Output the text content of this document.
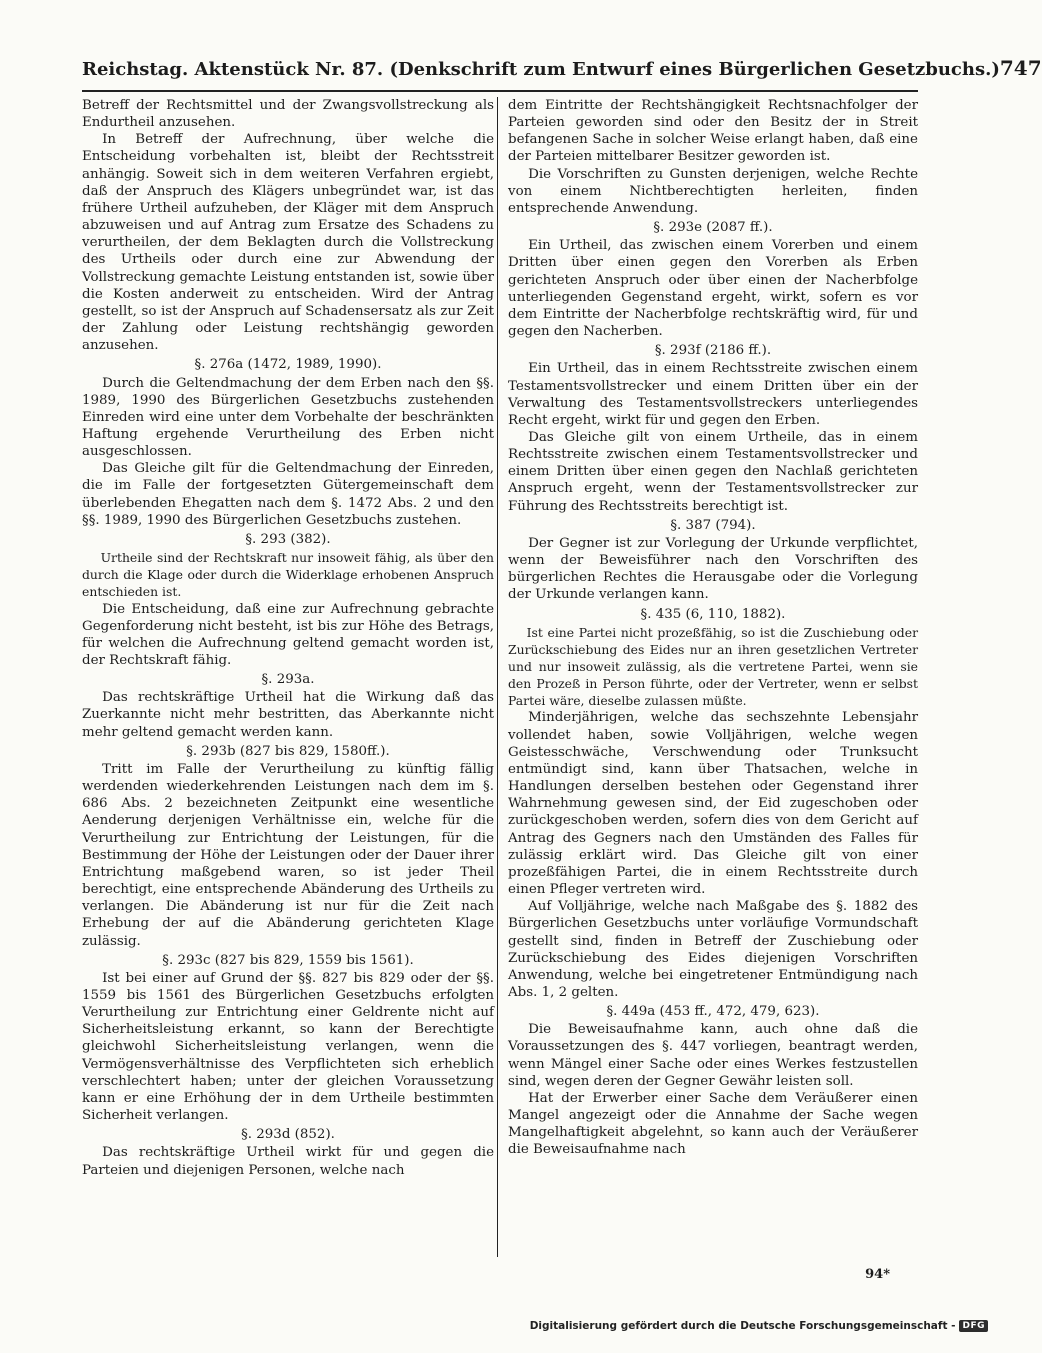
Reichstag. Aktenstück Nr. 87. (Denkschrift zum Entwurf eines Bürgerlichen Gesetzbuchs.) 747

Betreff der Rechtsmittel und der Zwangsvollstreckung als Endurtheil anzusehen.

In Betreff der Aufrechnung, über welche die Entscheidung vorbehalten ist, bleibt der Rechtsstreit anhängig. Soweit sich in dem weiteren Verfahren ergiebt, daß der Anspruch des Klägers unbegründet war, ist das frühere Urtheil aufzuheben, der Kläger mit dem Anspruch abzuweisen und auf Antrag zum Ersatze des Schadens zu verurtheilen, der dem Beklagten durch die Vollstreckung des Urtheils oder durch eine zur Abwendung der Vollstreckung gemachte Leistung entstanden ist, sowie über die Kosten anderweit zu entscheiden. Wird der Antrag gestellt, so ist der Anspruch auf Schadensersatz als zur Zeit der Zahlung oder Leistung rechtshängig geworden anzusehen.

§. 276a (1472, 1989, 1990).

Durch die Geltendmachung der dem Erben nach den §§. 1989, 1990 des Bürgerlichen Gesetzbuchs zustehenden Einreden wird eine unter dem Vorbehalte der beschränkten Haftung ergehende Verurtheilung des Erben nicht ausgeschlossen.

Das Gleiche gilt für die Geltendmachung der Einreden, die im Falle der fortgesetzten Gütergemeinschaft dem überlebenden Ehegatten nach dem §. 1472 Abs. 2 und den §§. 1989, 1990 des Bürgerlichen Gesetzbuchs zustehen.

§. 293 (382).

Urtheile sind der Rechtskraft nur insoweit fähig, als über den durch die Klage oder durch die Widerklage erhobenen Anspruch entschieden ist.

Die Entscheidung, daß eine zur Aufrechnung gebrachte Gegenforderung nicht besteht, ist bis zur Höhe des Betrags, für welchen die Aufrechnung geltend gemacht worden ist, der Rechtskraft fähig.

§. 293a.

Das rechtskräftige Urtheil hat die Wirkung daß das Zuerkannte nicht mehr bestritten, das Aberkannte nicht mehr geltend gemacht werden kann.

§. 293b (827 bis 829, 1580ff.).

Tritt im Falle der Verurtheilung zu künftig fällig werdenden wiederkehrenden Leistungen nach dem im §. 686 Abs. 2 bezeichneten Zeitpunkt eine wesentliche Aenderung derjenigen Verhältnisse ein, welche für die Verurtheilung zur Entrichtung der Leistungen, für die Bestimmung der Höhe der Leistungen oder der Dauer ihrer Entrichtung maßgebend waren, so ist jeder Theil berechtigt, eine entsprechende Abänderung des Urtheils zu verlangen. Die Abänderung ist nur für die Zeit nach Erhebung der auf die Abänderung gerichteten Klage zulässig.

§. 293c (827 bis 829, 1559 bis 1561).

Ist bei einer auf Grund der §§. 827 bis 829 oder der §§. 1559 bis 1561 des Bürgerlichen Gesetzbuchs erfolgten Verurtheilung zur Entrichtung einer Geldrente nicht auf Sicherheitsleistung erkannt, so kann der Berechtigte gleichwohl Sicherheitsleistung verlangen, wenn die Vermögensverhältnisse des Verpflichteten sich erheblich verschlechtert haben; unter der gleichen Voraussetzung kann er eine Erhöhung der in dem Urtheile bestimmten Sicherheit verlangen.

§. 293d (852).

Das rechtskräftige Urtheil wirkt für und gegen die Parteien und diejenigen Personen, welche nach

dem Eintritte der Rechtshängigkeit Rechtsnachfolger der Parteien geworden sind oder den Besitz der in Streit befangenen Sache in solcher Weise erlangt haben, daß eine der Parteien mittelbarer Besitzer geworden ist.

Die Vorschriften zu Gunsten derjenigen, welche Rechte von einem Nichtberechtigten herleiten, finden entsprechende Anwendung.

§. 293e (2087 ff.).

Ein Urtheil, das zwischen einem Vorerben und einem Dritten über einen gegen den Vorerben als Erben gerichteten Anspruch oder über einen der Nacherbfolge unterliegenden Gegenstand ergeht, wirkt, sofern es vor dem Eintritte der Nacherbfolge rechtskräftig wird, für und gegen den Nacherben.

§. 293f (2186 ff.).

Ein Urtheil, das in einem Rechtsstreite zwischen einem Testamentsvollstrecker und einem Dritten über ein der Verwaltung des Testamentsvollstreckers unterliegendes Recht ergeht, wirkt für und gegen den Erben.

Das Gleiche gilt von einem Urtheile, das in einem Rechtsstreite zwischen einem Testamentsvollstrecker und einem Dritten über einen gegen den Nachlaß gerichteten Anspruch ergeht, wenn der Testamentsvollstrecker zur Führung des Rechtsstreits berechtigt ist.

§. 387 (794).

Der Gegner ist zur Vorlegung der Urkunde verpflichtet, wenn der Beweisführer nach den Vorschriften des bürgerlichen Rechtes die Herausgabe oder die Vorlegung der Urkunde verlangen kann.

§. 435 (6, 110, 1882).

Ist eine Partei nicht prozeßfähig, so ist die Zuschiebung oder Zurückschiebung des Eides nur an ihren gesetzlichen Vertreter und nur insoweit zulässig, als die vertretene Partei, wenn sie den Prozeß in Person führte, oder der Vertreter, wenn er selbst Partei wäre, dieselbe zulassen müßte.

Minderjährigen, welche das sechszehnte Lebensjahr vollendet haben, sowie Volljährigen, welche wegen Geistesschwäche, Verschwendung oder Trunksucht entmündigt sind, kann über Thatsachen, welche in Handlungen derselben bestehen oder Gegenstand ihrer Wahrnehmung gewesen sind, der Eid zugeschoben oder zurückgeschoben werden, sofern dies von dem Gericht auf Antrag des Gegners nach den Umständen des Falles für zulässig erklärt wird. Das Gleiche gilt von einer prozeßfähigen Partei, die in einem Rechtsstreite durch einen Pfleger vertreten wird.

Auf Volljährige, welche nach Maßgabe des §. 1882 des Bürgerlichen Gesetzbuchs unter vorläufige Vormundschaft gestellt sind, finden in Betreff der Zuschiebung oder Zurückschiebung des Eides diejenigen Vorschriften Anwendung, welche bei eingetretener Entmündigung nach Abs. 1, 2 gelten.

§. 449a (453 ff., 472, 479, 623).

Die Beweisaufnahme kann, auch ohne daß die Voraussetzungen des §. 447 vorliegen, beantragt werden, wenn Mängel einer Sache oder eines Werkes festzustellen sind, wegen deren der Gegner Gewähr leisten soll.

Hat der Erwerber einer Sache dem Veräußerer einen Mangel angezeigt oder die Annahme der Sache wegen Mangelhaftigkeit abgelehnt, so kann auch der Veräußerer die Beweisaufnahme nach

94*
Digitalisierung gefördert durch die Deutsche Forschungsgemeinschaft - DFG
